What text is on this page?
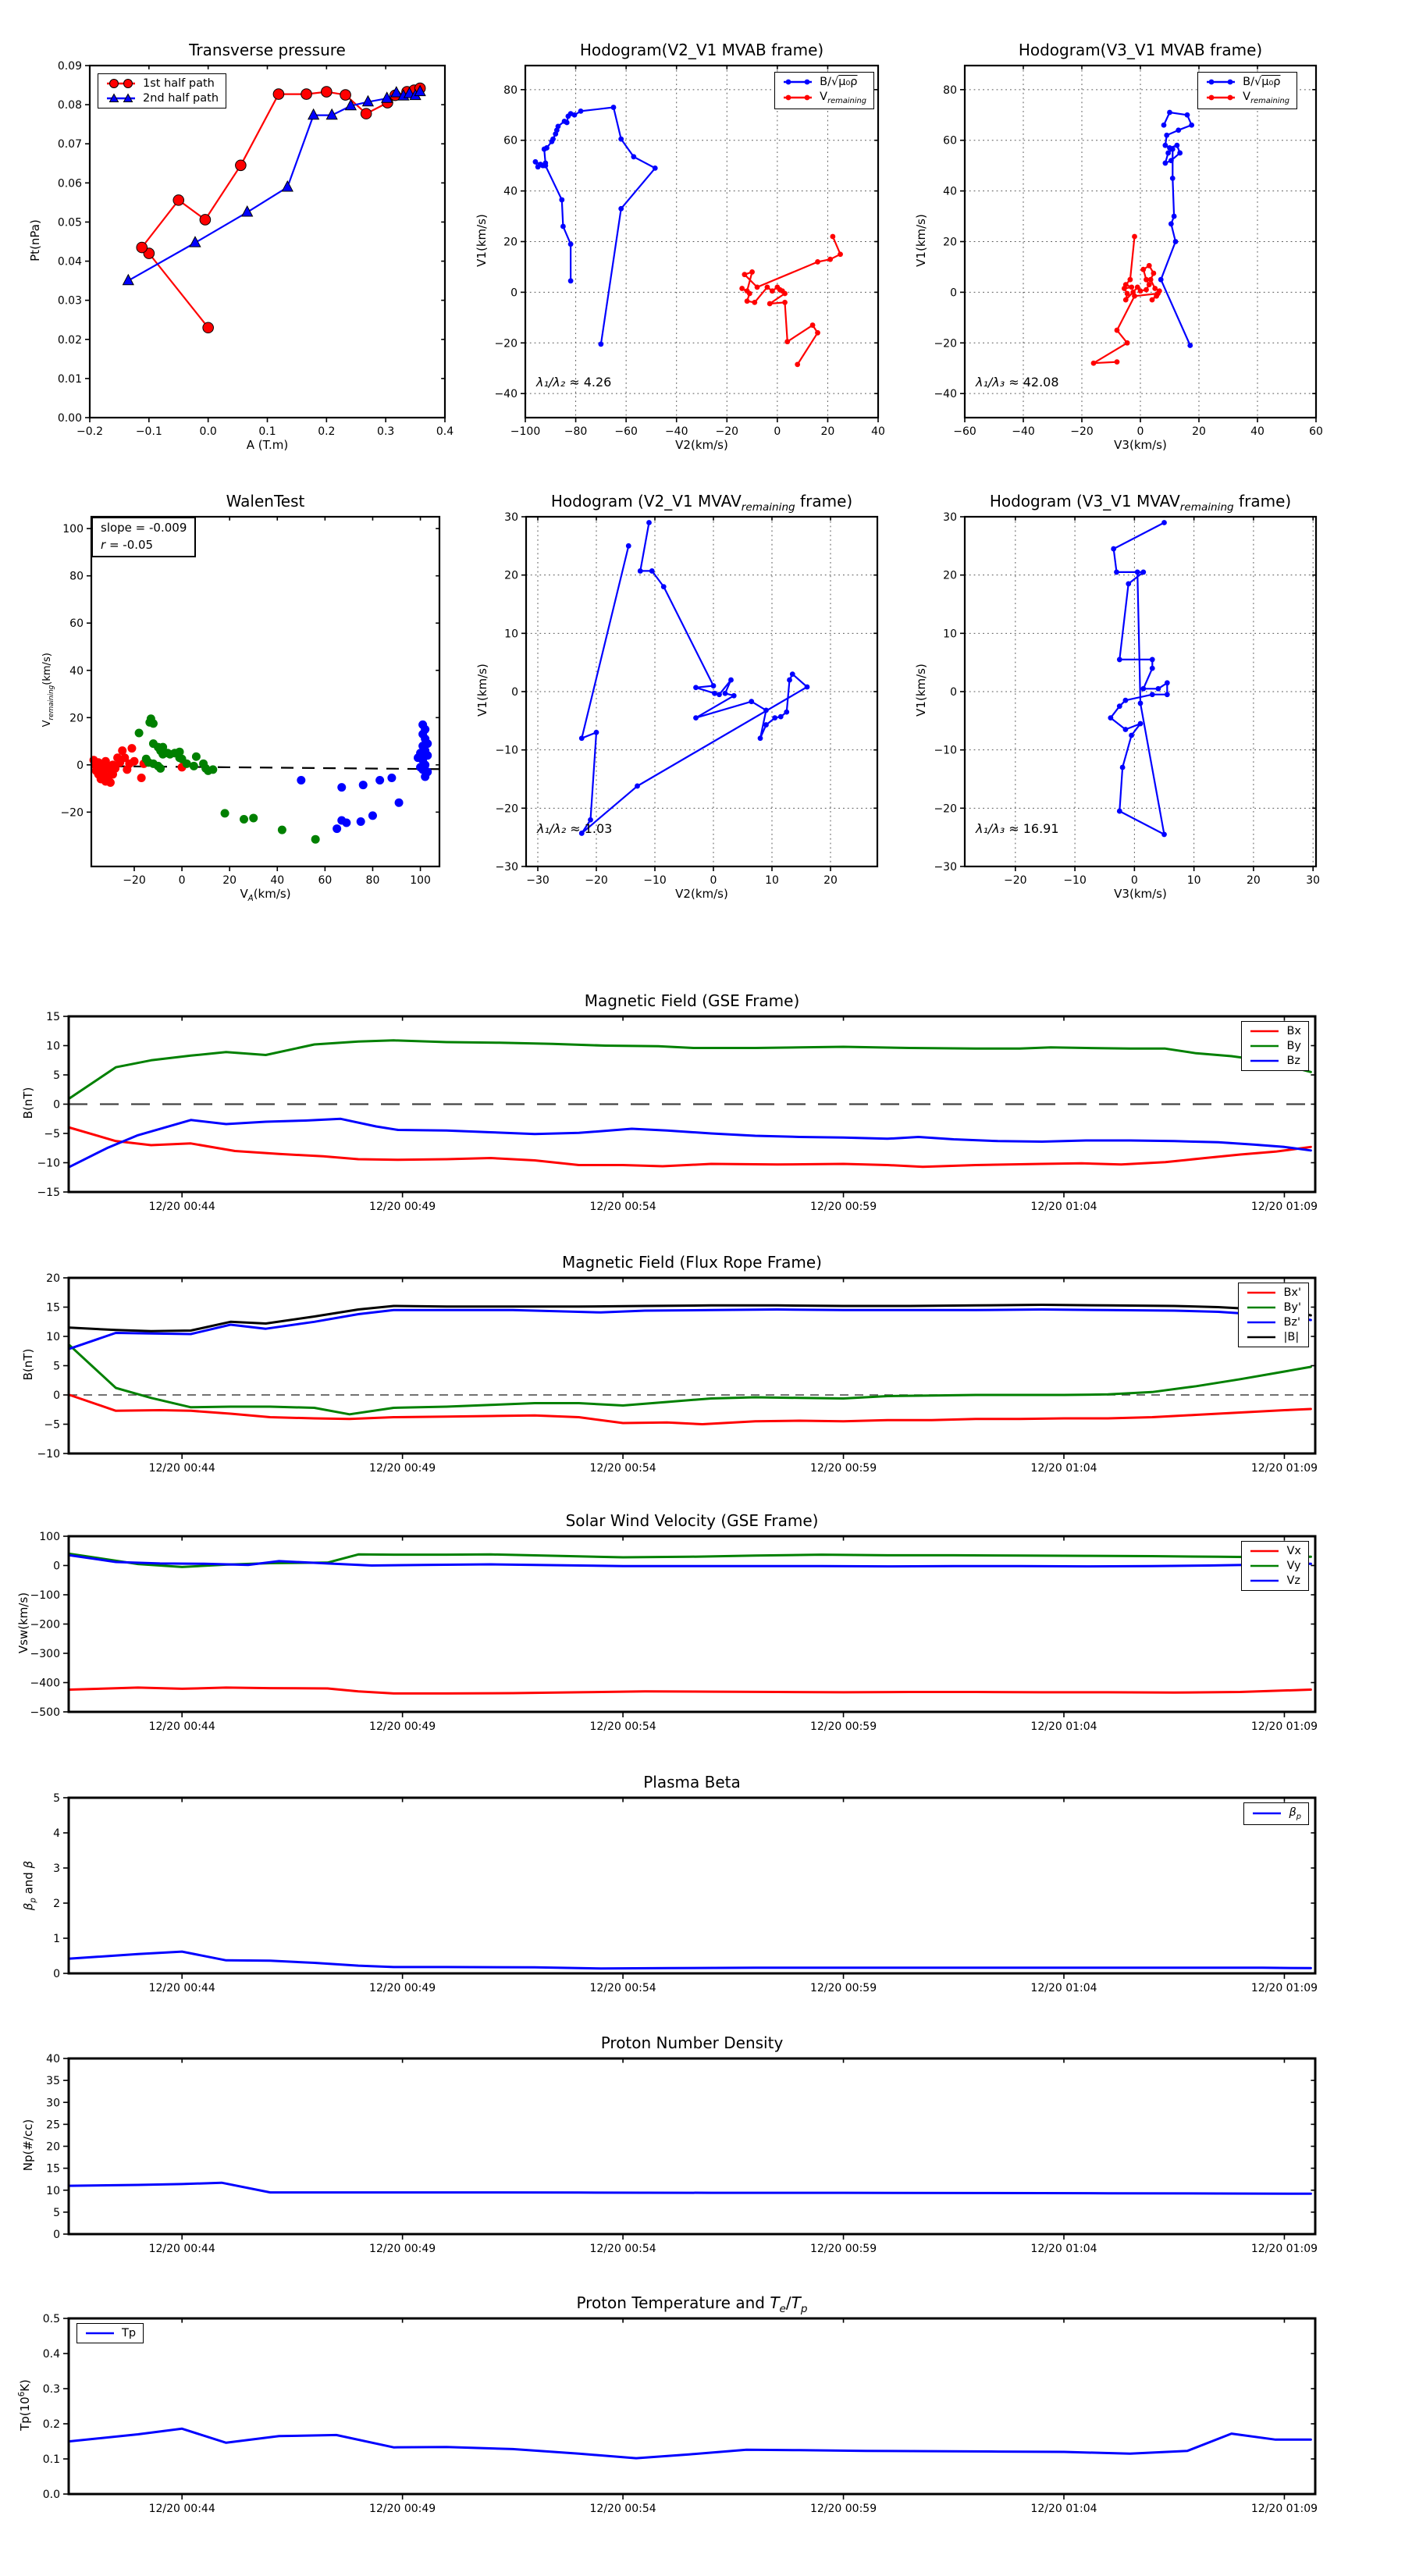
−0.2	−0.1	0.0	0.1	0.2	0.3	0.4
0.00
0.01
0.02
0.03
0.04
0.05
0.06
0.07
0.08
0.09
Transverse pressure
A (T.m)
Pt(nPa)
1st half path
2nd half path
−100 −80	−60	−40	−20	0	20	40
−40
−20
0
20
40
60
80
Hodogram(V2_V1 MVAB frame)
V2(km/s)
V1(km/s)
B/√μ₀ρ
$V_{remaining}$
λ₁/λ₂ ≈ 4.26
−60	−40	−20	0	20	40	60
−40
−20
0
20
40
60
80
Hodogram(V3_V1 MVAB frame)
V3(km/s)
V1(km/s)
B/√μ₀ρ
$V_{remaining}$
λ₁/λ₃ ≈ 42.08
−20	0	20	40	60	80	100
−20
0
20
40
60
80
100
WalenTest
$V_A(km/s)$
$V_{remaining}(km/s)$
slope = -0.009
r = -0.05
−30	−20	−10	0	10	20
−30
−20
−10
0
10
20
30
Hodogram (V2_V1 $MVAV_{remaining}$ frame)
V2(km/s)
V1(km/s)
λ₁/λ₂ ≈ 1.03
−20	−10	0	10	20	30
−30
−20
−10
0
10
20
30
Hodogram (V3_V1 $MVAV_{remaining}$ frame)
V3(km/s)
V1(km/s)
λ₁/λ₃ ≈ 16.91
12/20 00:44	12/20 00:49	12/20 00:54	12/20 00:59	12/20 01:04	12/20 01:09
−15
−10
−5
0
5
10
15
Magnetic Field (GSE Frame)
B(nT)
Bx
By
Bz
12/20 00:44	12/20 00:49	12/20 00:54	12/20 00:59	12/20 01:04	12/20 01:09
−10
−5
0
5
10
15
20
Magnetic Field (Flux Rope Frame)
B(nT)
Bx'
By'
Bz'
|B|
12/20 00:44	12/20 00:49	12/20 00:54	12/20 00:59	12/20 01:04	12/20 01:09
−500
−400
−300
−200
−100
0
100
Solar Wind Velocity (GSE Frame)
Vsw(km/s)
Vx
Vy
Vz
12/20 00:44	12/20 00:49	12/20 00:54	12/20 00:59	12/20 01:04	12/20 01:09
0
1
2
3
4
5
Plasma Beta
$\beta_p$ and β
$\beta_p$
12/20 00:44	12/20 00:49	12/20 00:54	12/20 00:59	12/20 01:04	12/20 01:09
0
5
10
15
20
25
30
35
40
Proton Number Density
Np(#/cc)
12/20 00:44	12/20 00:49	12/20 00:54	12/20 00:59	12/20 01:04	12/20 01:09
0.0
0.1
0.2
0.3
0.4
0.5
Proton Temperature and $T_e/T_p$
$Tp(10^6K)$
Tp
